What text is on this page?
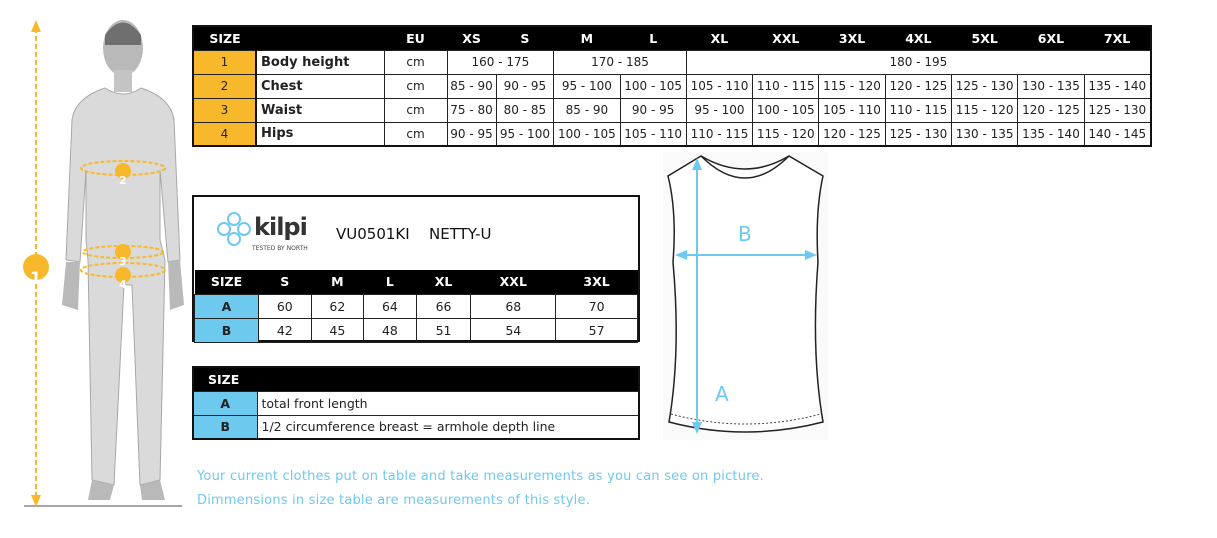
1
2
3
4
SIZE		EU	XS	S	M	L	XL	XXL	3XL	4XL	5XL	6XL	7XL
1	Body height	cm	160 - 175		170 - 185		180 - 195						
2	Chest	cm	85 - 90	90 - 95	95 - 100	100 - 105	105 - 110	110 - 115	115 - 120	120 - 125	125 - 130	130 - 135	135 - 140
3	Waist	cm	75 - 80	80 - 85	85 - 90	90 - 95	95 - 100	100 - 105	105 - 110	110 - 115	115 - 120	120 - 125	125 - 130
4	Hips	cm	90 - 95	95 - 100	100 - 105	105 - 110	110 - 115	115 - 120	120 - 125	125 - 130	130 - 135	135 - 140	140 - 145
kilpi
TESTED BY NORTH
VU0501KI NETTY-U
SIZE	S	M	L	XL	XXL	3XL
A	60	62	64	66	68	70
B	42	45	48	51	54	57
SIZE	
A	total front length
B	1/2 circumference breast = armhole depth line
B
A
Your current clothes put on table and take measurements as you can see on picture.
Dimmensions in size table are measurements of this style.
